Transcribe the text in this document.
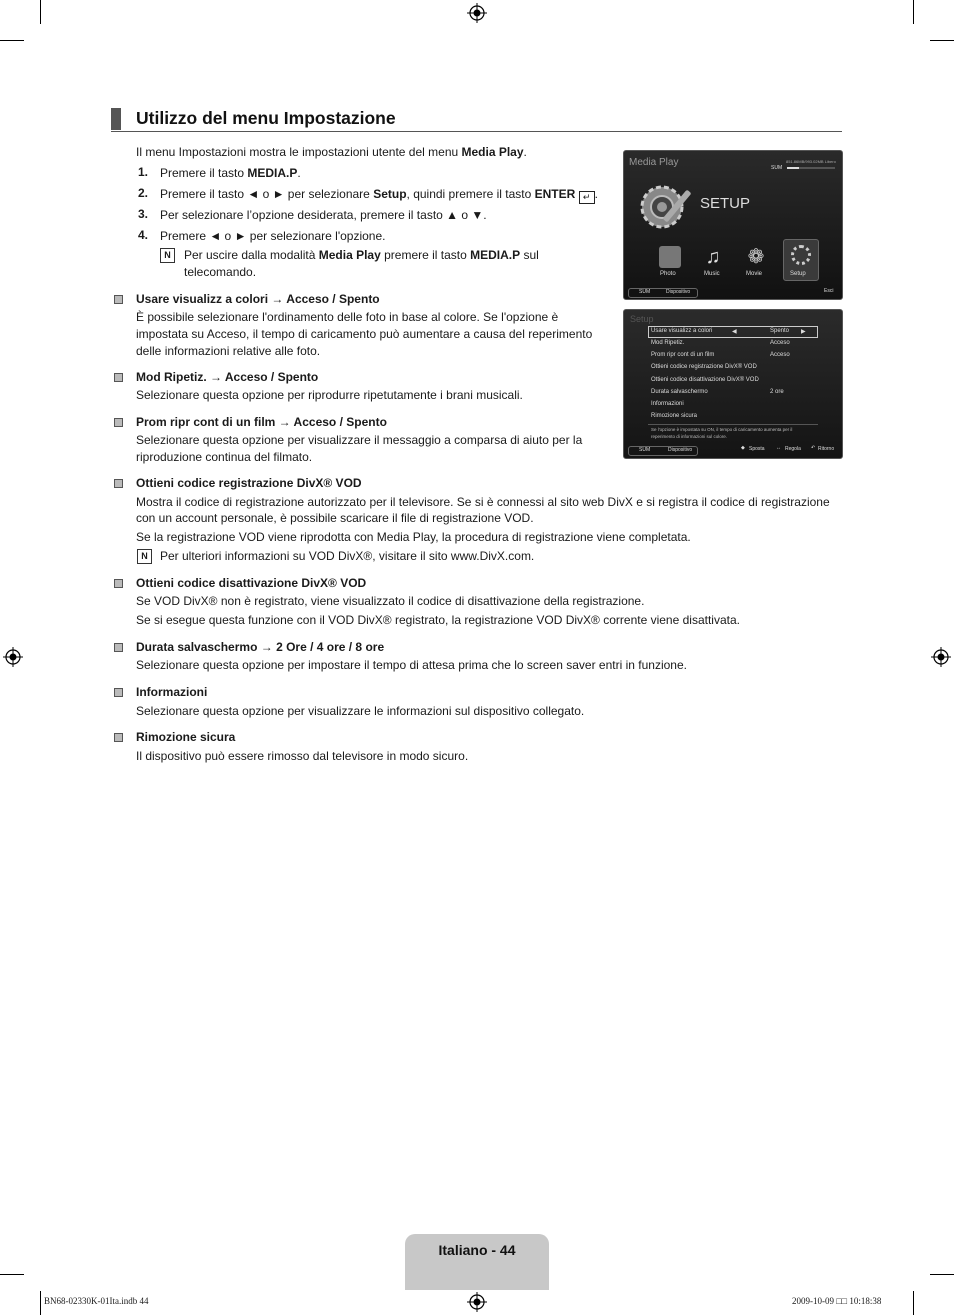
Utilizzo del menu Impostazione
Il menu Impostazioni mostra le impostazioni utente del menu Media Play.
1. Premere il tasto MEDIA.P.
2. Premere il tasto ◄ o ► per selezionare Setup, quindi premere il tasto ENTER ↵ .
3. Per selezionare l’opzione desiderata, premere il tasto ▲ o ▼.
4. Premere ◄ o ► per selezionare l'opzione.
N
Per uscire dalla modalità Media Play premere il tasto MEDIA.P sul
telecomando.
Usare visualizz a colori → Acceso / Spento
È possibile selezionare l'ordinamento delle foto in base al colore. Se l'opzione è
impostata su Acceso, il tempo di caricamento può aumentare a causa del reperimento
delle informazioni relative alle foto.
Mod Ripetiz. → Acceso / Spento
Selezionare questa opzione per riprodurre ripetutamente i brani musicali.
Prom ripr cont di un film → Acceso / Spento
Selezionare questa opzione per visualizzare il messaggio a comparsa di aiuto per la
riproduzione continua del filmato.
Ottieni codice registrazione DivX® VOD
Mostra il codice di registrazione autorizzato per il televisore. Se si è connessi al sito web DivX e si registra il codice di registrazione
con un account personale, è possibile scaricare il file di registrazione VOD.
Se la registrazione VOD viene riprodotta con Media Play, la procedura di registrazione viene completata.
N
Per ulteriori informazioni su VOD DivX®, visitare il sito www.DivX.com.
Ottieni codice disattivazione DivX® VOD
Se VOD DivX® non è registrato, viene visualizzato il codice di disattivazione della registrazione.
Se si esegue questa funzione con il VOD DivX® registrato, la registrazione VOD DivX® corrente viene disattivata.
Durata salvaschermo → 2 Ore / 4 ore / 8 ore
Selezionare questa opzione per impostare il tempo di attesa prima che lo screen saver entri in funzione.
Informazioni
Selezionare questa opzione per visualizzare le informazioni sul dispositivo collegato.
Rimozione sicura
Il dispositivo può essere rimosso dal televisore in modo sicuro.
Media Play	851.86MB/993.02MB Libero
SUM
SETUP
Photo
♫
Music
❁
Movie	Setup
SUM	Dispositivo	Esci
Setup
Usare visualizz a colori	◀	Spento ▶
Mod Ripetiz.	Acceso
Prom ripr cont di un film	Acceso
Ottieni codice registrazione DivX® VOD
Ottieni codice disattivazione DivX® VOD
Durata salvaschermo	2 ore
Informazioni
Rimozione sicura
Se l'opzione è impostata su ON, il tempo di caricamento aumenta per il
reperimento di informazioni sul colore.
SUM	Dispositivo	◆ Sposta ↔ Regola ↶ Ritorno
Italiano - 44
BN68-02330K-01Ita.indb 44	2009-10-09 □□ 10:18:38
